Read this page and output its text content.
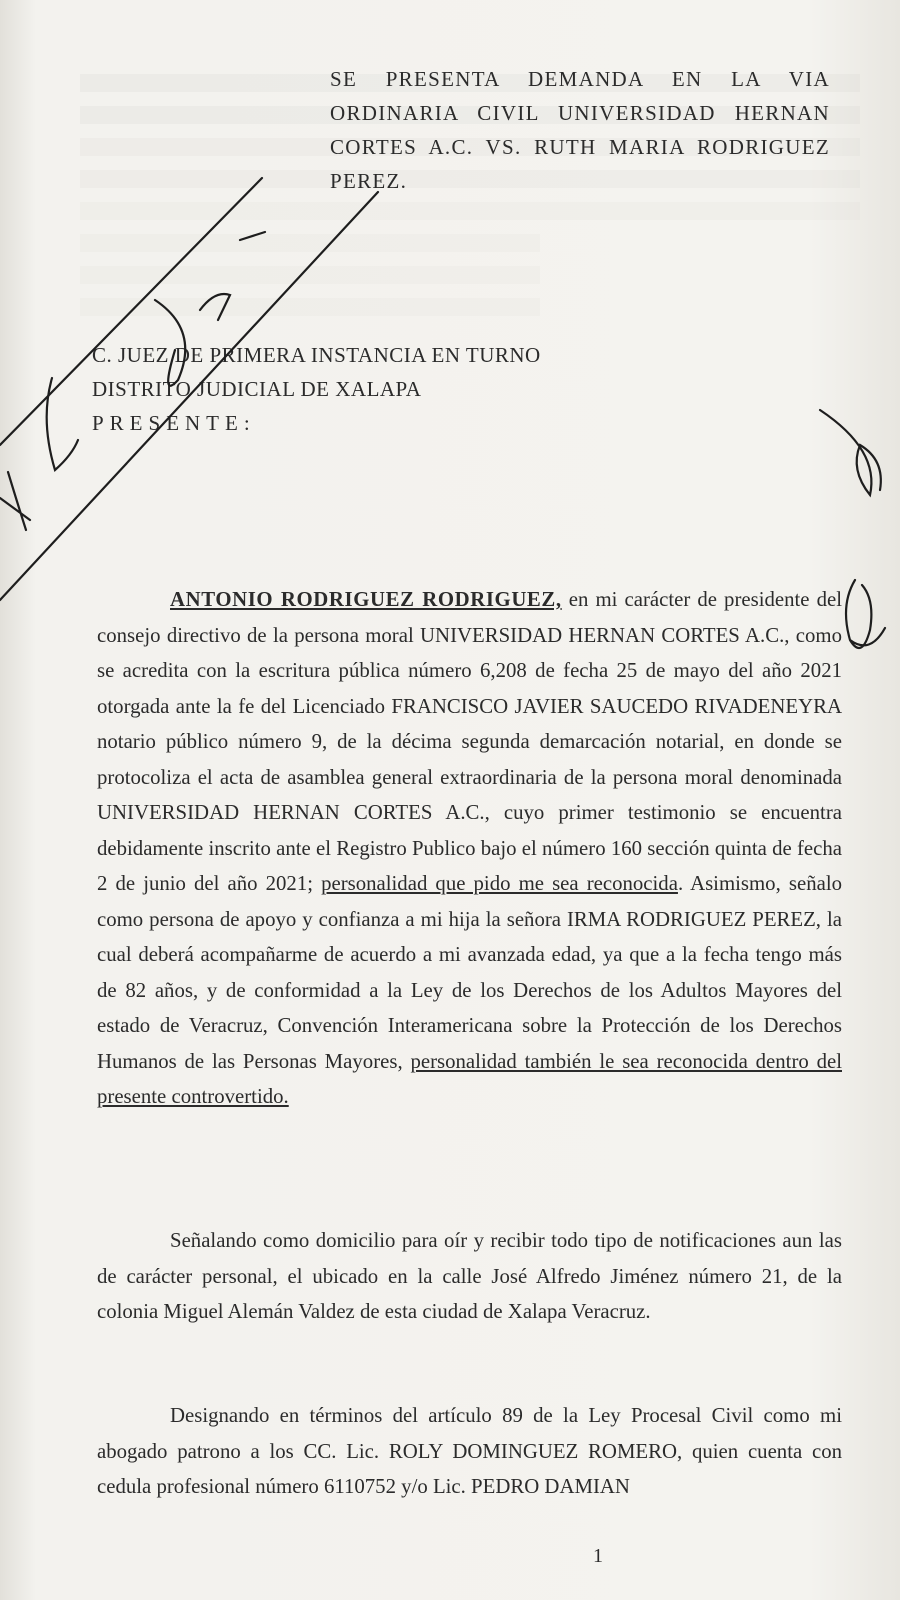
SE PRESENTA DEMANDA EN LA VIA ORDINARIA CIVIL UNIVERSIDAD HERNAN CORTES A.C. VS. RUTH MARIA RODRIGUEZ PEREZ.
C. JUEZ DE PRIMERA INSTANCIA EN TURNO
DISTRITO JUDICIAL DE XALAPA
PRESENTE:
ANTONIO RODRIGUEZ RODRIGUEZ, en mi carácter de presidente del consejo directivo de la persona moral UNIVERSIDAD HERNAN CORTES A.C., como se acredita con la escritura pública número 6,208 de fecha 25 de mayo del año 2021 otorgada ante la fe del Licenciado FRANCISCO JAVIER SAUCEDO RIVADENEYRA notario público número 9, de la décima segunda demarcación notarial, en donde se protocoliza el acta de asamblea general extraordinaria de la persona moral denominada UNIVERSIDAD HERNAN CORTES A.C., cuyo primer testimonio se encuentra debidamente inscrito ante el Registro Publico bajo el número 160 sección quinta de fecha 2 de junio del año 2021; personalidad que pido me sea reconocida. Asimismo, señalo como persona de apoyo y confianza a mi hija la señora IRMA RODRIGUEZ PEREZ, la cual deberá acompañarme de acuerdo a mi avanzada edad, ya que a la fecha tengo más de 82 años, y de conformidad a la Ley de los Derechos de los Adultos Mayores del estado de Veracruz, Convención Interamericana sobre la Protección de los Derechos Humanos de las Personas Mayores, personalidad también le sea reconocida dentro del presente controvertido.
Señalando como domicilio para oír y recibir todo tipo de notificaciones aun las de carácter personal, el ubicado en la calle José Alfredo Jiménez número 21, de la colonia Miguel Alemán Valdez de esta ciudad de Xalapa Veracruz.
Designando en términos del artículo 89 de la Ley Procesal Civil como mi abogado patrono a los CC. Lic. ROLY DOMINGUEZ ROMERO, quien cuenta con cedula profesional número 6110752 y/o Lic. PEDRO DAMIAN
1
